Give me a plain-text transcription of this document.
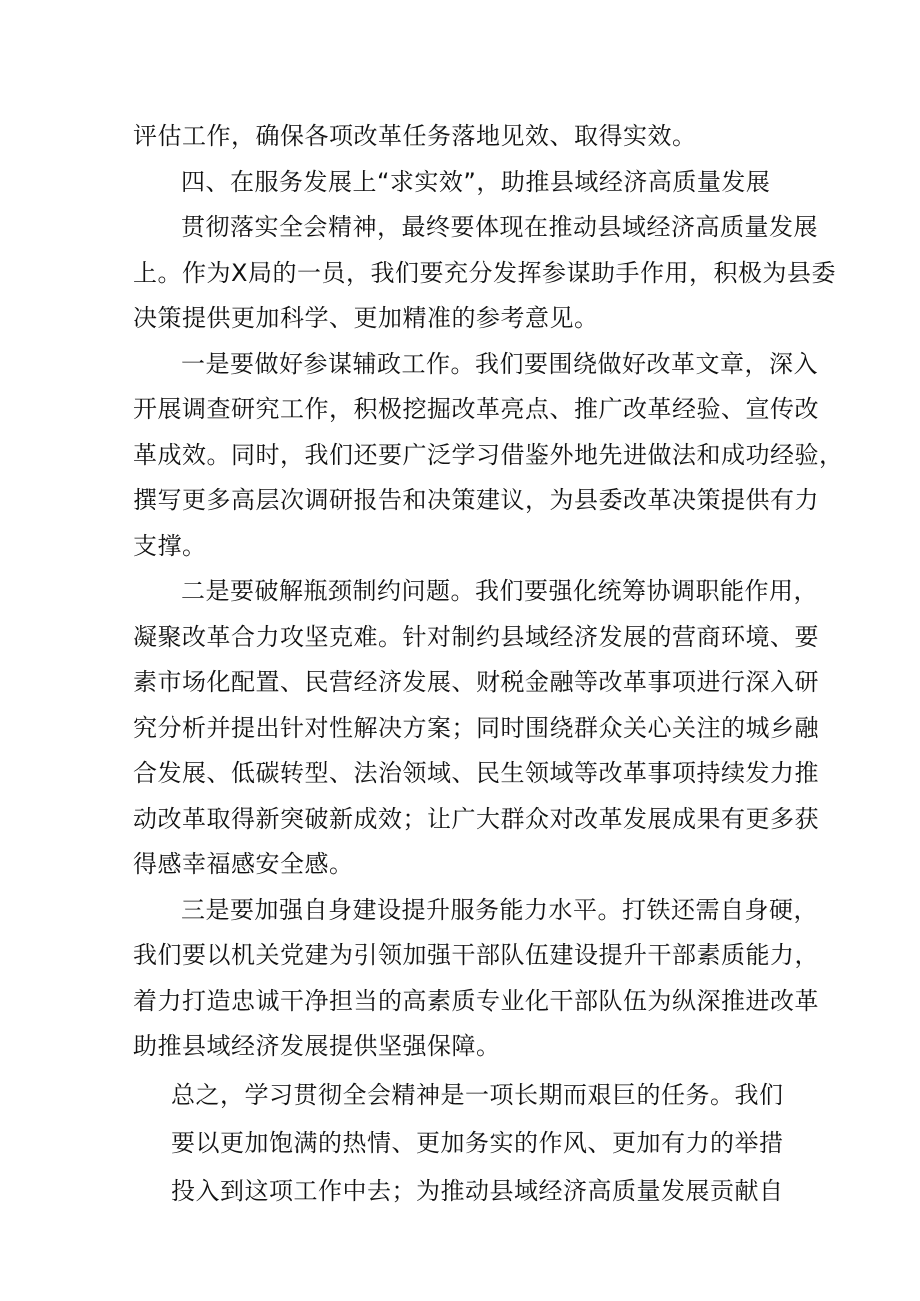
评估工作，确保各项改革任务落地见效、取得实效。
四、在服务发展上“求实效”，助推县域经济高质量发展
贯彻落实全会精神，最终要体现在推动县域经济高质量发展
上。作为X局的一员，我们要充分发挥参谋助手作用，积极为县委
决策提供更加科学、更加精准的参考意见。
一是要做好参谋辅政工作。我们要围绕做好改革文章，深入
开展调查研究工作，积极挖掘改革亮点、推广改革经验、宣传改
革成效。同时，我们还要广泛学习借鉴外地先进做法和成功经验，
撰写更多高层次调研报告和决策建议，为县委改革决策提供有力
支撑。
二是要破解瓶颈制约问题。我们要强化统筹协调职能作用，
凝聚改革合力攻坚克难。针对制约县域经济发展的营商环境、要
素市场化配置、民营经济发展、财税金融等改革事项进行深入研
究分析并提出针对性解决方案；同时围绕群众关心关注的城乡融
合发展、低碳转型、法治领域、民生领域等改革事项持续发力推
动改革取得新突破新成效；让广大群众对改革发展成果有更多获
得感幸福感安全感。
三是要加强自身建设提升服务能力水平。打铁还需自身硬，
我们要以机关党建为引领加强干部队伍建设提升干部素质能力，
着力打造忠诚干净担当的高素质专业化干部队伍为纵深推进改革
助推县域经济发展提供坚强保障。
总之，学习贯彻全会精神是一项长期而艰巨的任务。我们
要以更加饱满的热情、更加务实的作风、更加有力的举措
投入到这项工作中去；为推动县域经济高质量发展贡献自
